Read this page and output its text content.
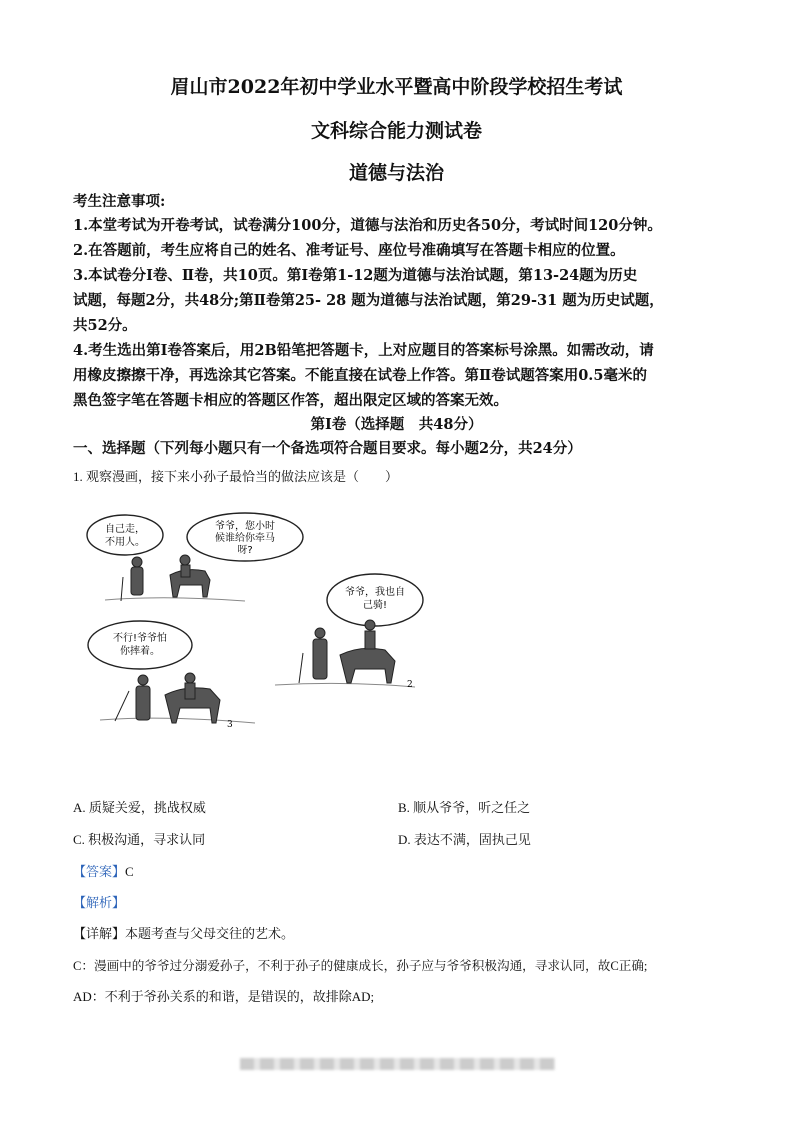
眉山市2022年初中学业水平暨高中阶段学校招生考试
文科综合能力测试卷
道德与法治
考生注意事项:
1.本堂考试为开卷考试，试卷满分100分，道德与法治和历史各50分，考试时间120分钟。
2.在答题前，考生应将自己的姓名、准考证号、座位号准确填写在答题卡相应的位置。
3.本试卷分Ⅰ卷、Ⅱ卷，共10页。第Ⅰ卷第1-12题为道德与法治试题，第13-24题为历史
试题，每题2分，共48分;第Ⅱ卷第25- 28 题为道德与法治试题，第29-31 题为历史试题，
共52分。
4.考生选出第Ⅰ卷答案后，用2B铅笔把答题卡，上对应题目的答案标号涂黑。如需改动，请
用橡皮擦擦干净，再选涂其它答案。不能直接在试卷上作答。第Ⅱ卷试题答案用0.5毫米的
黑色签字笔在答题卡相应的答题区作答，超出限定区域的答案无效。
第Ⅰ卷（选择题　共48分）
一、选择题（下列每小题只有一个备选项符合题目要求。每小题2分，共24分）
1. 观察漫画，接下来小孙子最恰当的做法应该是（　　）
自己走，
不用人。
爷爷，您小时
候谁给你牵马
呀?
爷爷，我也自
己骑!
2
不行!爷爷怕
你摔着。
3
A. 质疑关爱，挑战权威	B. 顺从爷爷，听之任之
C. 积极沟通，寻求认同	D. 表达不满，固执己见
【答案】C
【解析】
【详解】本题考查与父母交往的艺术。
C：漫画中的爷爷过分溺爱孙子，不利于孙子的健康成长，孙子应与爷爷积极沟通，寻求认同，故C正确;
AD：不利于爷孙关系的和谐，是错误的，故排除AD;
